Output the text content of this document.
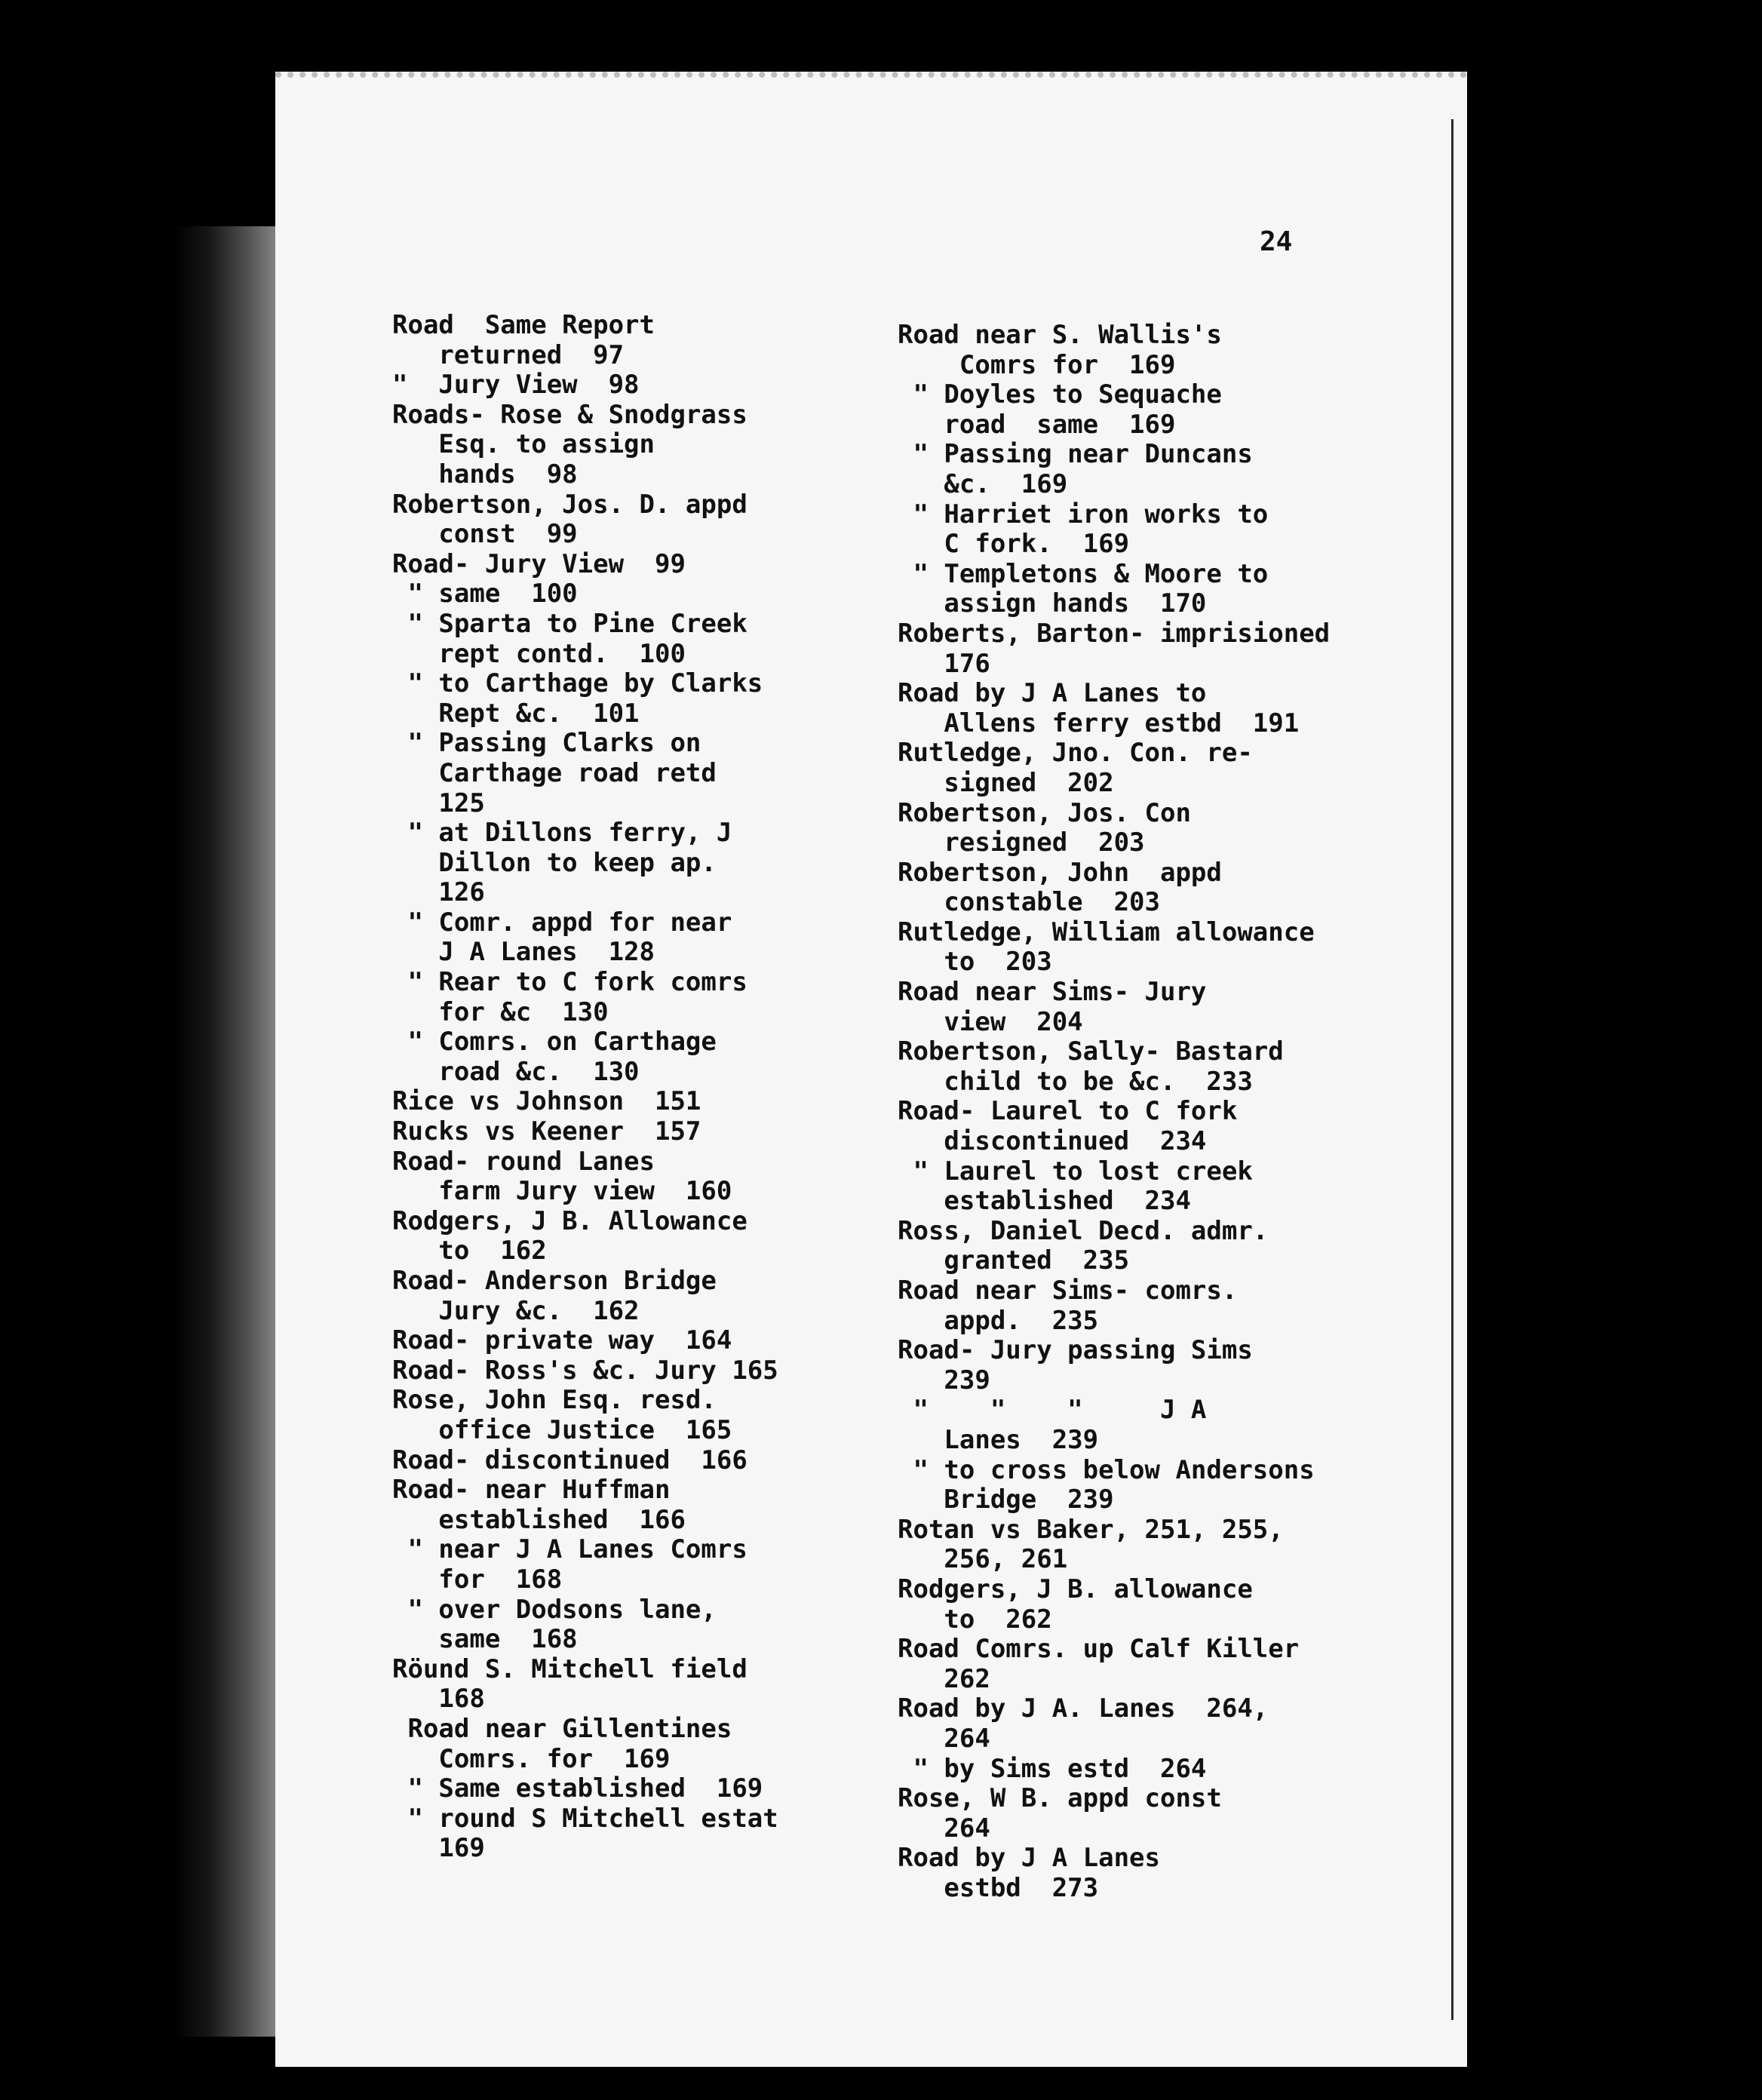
24
Road  Same Report
returned  97
"  Jury View  98
Roads- Rose & Snodgrass
Esq. to assign
hands  98
Robertson, Jos. D. appd
const  99
Road- Jury View  99
" same  100
" Sparta to Pine Creek
rept contd.  100
" to Carthage by Clarks
Rept &c.  101
" Passing Clarks on
Carthage road retd
125
" at Dillons ferry, J
Dillon to keep ap.
126
" Comr. appd for near
J A Lanes  128
" Rear to C fork comrs
for &c  130
" Comrs. on Carthage
road &c.  130
Rice vs Johnson  151
Rucks vs Keener  157
Road- round Lanes
farm Jury view  160
Rodgers, J B. Allowance
to  162
Road- Anderson Bridge
Jury &c.  162
Road- private way  164
Road- Ross's &c. Jury 165
Rose, John Esq. resd.
office Justice  165
Road- discontinued  166
Road- near Huffman
established  166
" near J A Lanes Comrs
for  168
" over Dodsons lane,
same  168
Röund S. Mitchell field
168
Road near Gillentines
Comrs. for  169
" Same established  169
" round S Mitchell estat
169
Road near S. Wallis's
Comrs for  169
" Doyles to Sequache
road  same  169
" Passing near Duncans
&c.  169
" Harriet iron works to
C fork.  169
" Templetons & Moore to
assign hands  170
Roberts, Barton- imprisioned
176
Road by J A Lanes to
Allens ferry estbd  191
Rutledge, Jno. Con. re-
signed  202
Robertson, Jos. Con
resigned  203
Robertson, John  appd
constable  203
Rutledge, William allowance
to  203
Road near Sims- Jury
view  204
Robertson, Sally- Bastard
child to be &c.  233
Road- Laurel to C fork
discontinued  234
" Laurel to lost creek
established  234
Ross, Daniel Decd. admr.
granted  235
Road near Sims- comrs.
appd.  235
Road- Jury passing Sims
239
"    "    "     J A
Lanes  239
" to cross below Andersons
Bridge  239
Rotan vs Baker, 251, 255,
256, 261
Rodgers, J B. allowance
to  262
Road Comrs. up Calf Killer
262
Road by J A. Lanes  264,
264
" by Sims estd  264
Rose, W B. appd const
264
Road by J A Lanes
estbd  273
